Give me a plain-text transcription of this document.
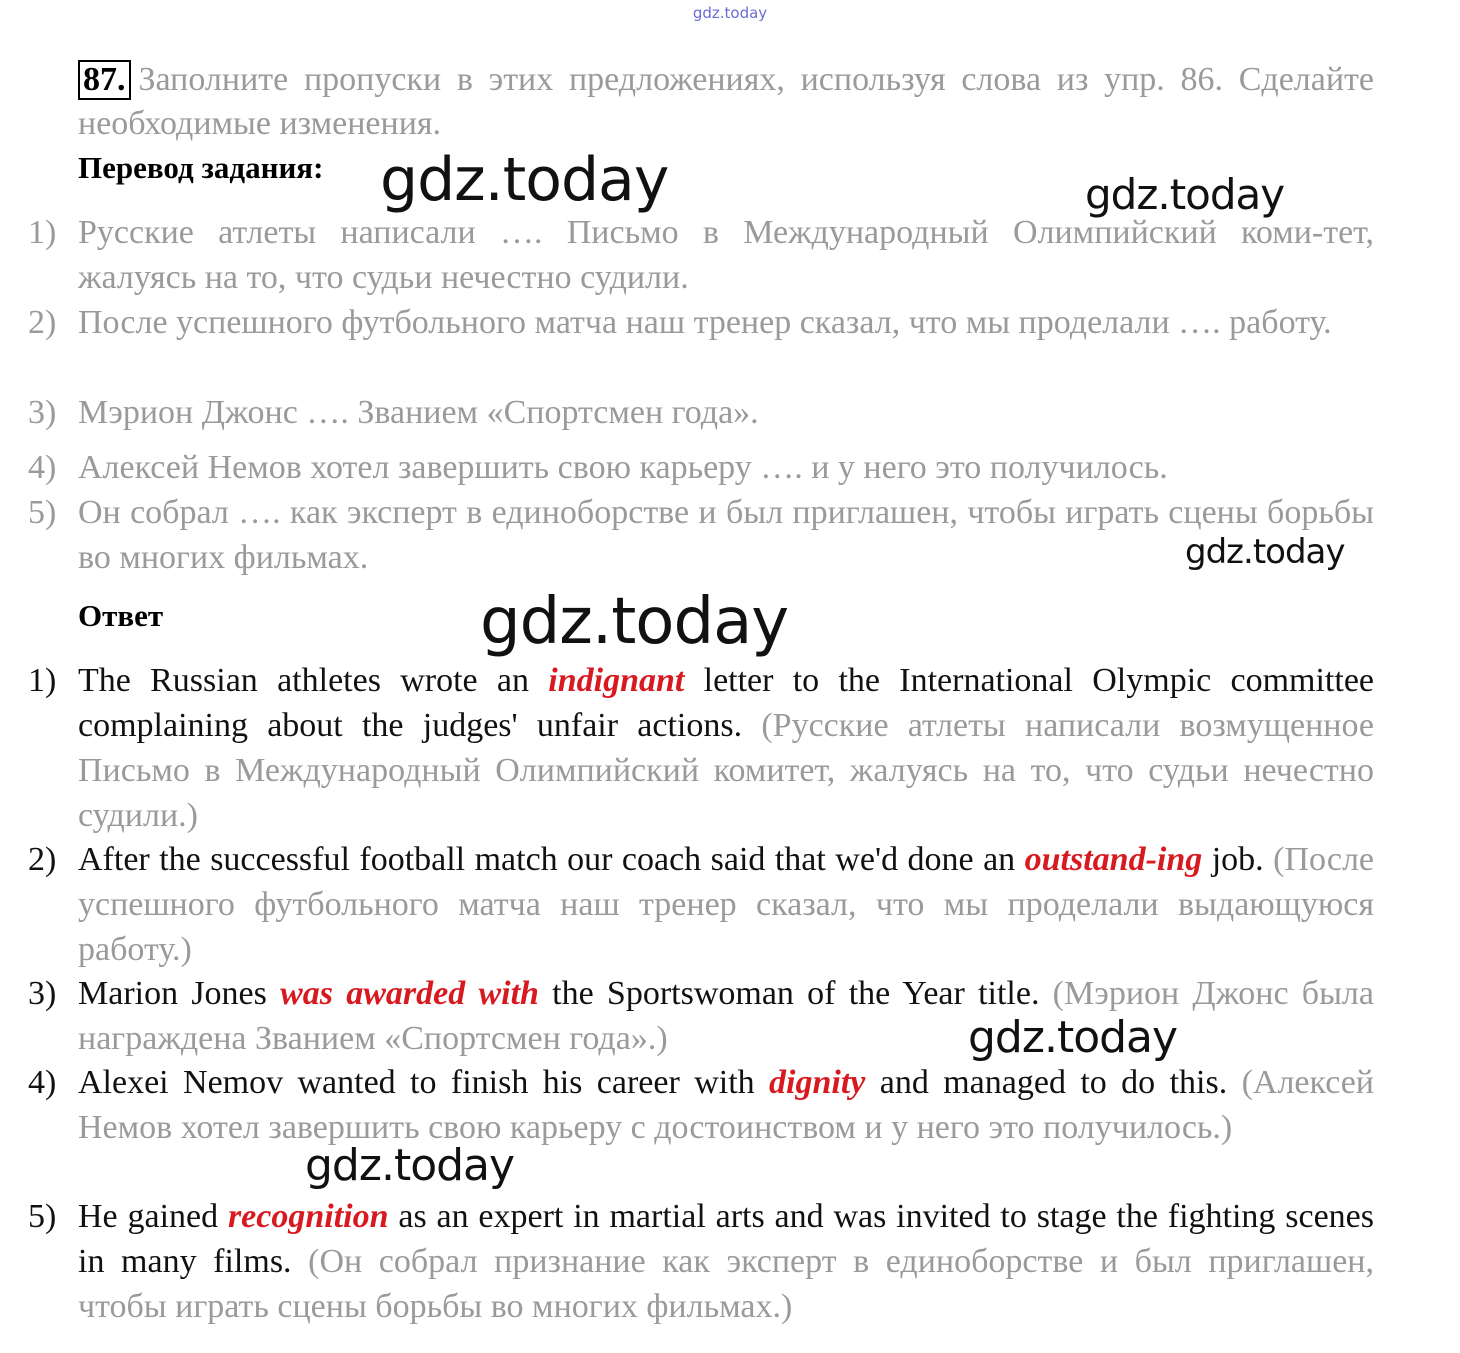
gdz.today
87. Заполните пропуски в этих предложениях, используя слова из упр. 86. Сделайте необходимые изменения.
Перевод задания:
1) Русские атлеты написали …. Письмо в Международный Олимпийский коми-тет, жалуясь на то, что судьи нечестно судили.
2) После успешного футбольного матча наш тренер сказал, что мы проделали …. работу.
3) Мэрион Джонс …. Званием «Спортсмен года».
4) Алексей Немов хотел завершить свою карьеру …. и у него это получилось.
5) Он собрал …. как эксперт в единоборстве и был приглашен, чтобы играть сцены борьбы во многих фильмах.
Ответ
1) The Russian athletes wrote an indignant letter to the International Olympic committee complaining about the judges' unfair actions. (Русские атлеты написали возмущенное Письмо в Международный Олимпийский комитет, жалуясь на то, что судьи нечестно судили.)
2) After the successful football match our coach said that we'd done an outstand-ing job. (После успешного футбольного матча наш тренер сказал, что мы проделали выдающуюся работу.)
3) Marion Jones was awarded with the Sportswoman of the Year title. (Мэрион Джонс была награждена Званием «Спортсмен года».)
4) Alexei Nemov wanted to finish his career with dignity and managed to do this. (Алексей Немов хотел завершить свою карьеру с достоинством и у него это получилось.)
5) He gained recognition as an expert in martial arts and was invited to stage the fighting scenes in many films. (Он собрал признание как эксперт в единоборстве и был приглашен, чтобы играть сцены борьбы во многих фильмах.)
gdz.today	gdz.today
gdz.today
gdz.today
gdz.today
gdz.today
